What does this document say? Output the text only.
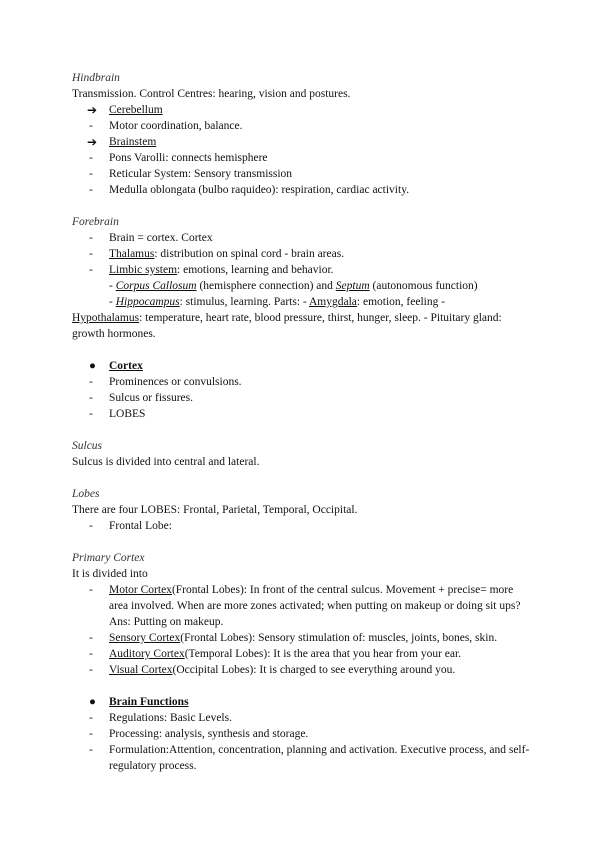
Hindbrain

Transmission. Control Centres: hearing, vision and postures.

➔ Cerebellum
- Motor coordination, balance.
➔ Brainstem
- Pons Varolli: connects hemisphere
- Reticular System: Sensory transmission
- Medulla oblongata (bulbo raquideo): respiration, cardiac activity.

Forebrain

- Brain = cortex. Cortex
- Thalamus: distribution on spinal cord - brain areas.
- Limbic system: emotions, learning and behavior.
- Corpus Callosum (hemisphere connection) and Septum (autonomous function)
- Hippocampus: stimulus, learning. Parts: - Amygdala: emotion, feeling -

Hypothalamus: temperature, heart rate, blood pressure, thirst, hunger, sleep. - Pituitary gland: growth hormones.

● Cortex
- Prominences or convulsions.
- Sulcus or fissures.
- LOBES

Sulcus

Sulcus is divided into central and lateral.

Lobes

There are four LOBES: Frontal, Parietal, Temporal, Occipital.

- Frontal Lobe:

Primary Cortex

It is divided into

- Motor Cortex(Frontal Lobes): In front of the central sulcus. Movement + precise= more area involved. When are more zones activated; when putting on makeup or doing sit ups? Ans: Putting on makeup.
- Sensory Cortex(Frontal Lobes): Sensory stimulation of: muscles, joints, bones, skin.
- Auditory Cortex(Temporal Lobes): It is the area that you hear from your ear.
- Visual Cortex(Occipital Lobes): It is charged to see everything around you.
● Brain Functions
- Regulations: Basic Levels.
- Processing: analysis, synthesis and storage.
- Formulation:Attention, concentration, planning and activation. Executive process, and self-regulatory process.
